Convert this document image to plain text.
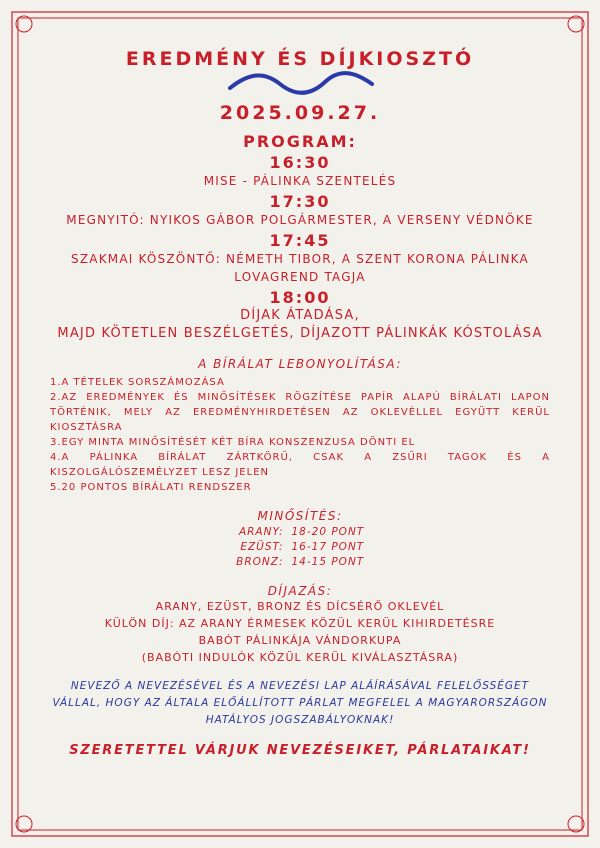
EREDMÉNY ÉS DÍJKIOSZTÓ
2025.09.27.
PROGRAM:
16:30
MISE - PÁLINKA SZENTELÉS
17:30
MEGNYITÓ: NYIKOS GÁBOR POLGÁRMESTER, A VERSENY VÉDNÖKE
17:45
SZAKMAI KÖSZÖNTŐ: NÉMETH TIBOR, A SZENT KORONA PÁLINKA
LOVAGREND TAGJA
18:00
DÍJAK ÁTADÁSA,
MAJD KÖTETLEN BESZÉLGETÉS, DÍJAZOTT PÁLINKÁK KÓSTOLÁSA
A BÍRÁLAT LEBONYOLÍTÁSA:
1.A TÉTELEK SORSZÁMOZÁSA
2.AZ EREDMÉNYEK ÉS MINŐSÍTÉSEK RÖGZÍTÉSE PAPÍR ALAPÚ BÍRÁLATI LAPON TÖRTÉNIK, MELY AZ EREDMÉNYHIRDETÉSEN AZ OKLEVÉLLEL EGYÜTT KERÜL KIOSZTÁSRA
3.EGY MINTA MINŐSÍTÉSÉT KÉT BÍRA KONSZENZUSA DÖNTI EL
4.A PÁLINKA BÍRÁLAT ZÁRTKÖRŰ, CSAK A ZSŰRI TAGOK ÉS A KISZOLGÁLÓSZEMÉLYZET LESZ JELEN
5.20 PONTOS BÍRÁLATI RENDSZER
MINŐSÍTÉS:
ARANY: 18-20 PONT
EZÜST: 16-17 PONT
BRONZ: 14-15 PONT
DÍJAZÁS:
ARANY, EZÜST, BRONZ ÉS DÍCSÉRŐ OKLEVÉL
KÜLÖN DÍJ: AZ ARANY ÉRMESEK KÖZÜL KERÜL KIHIRDETÉSRE
BABÓT PÁLINKÁJA VÁNDORKUPA
(BABÓTI INDULÓK KÖZÜL KERÜL KIVÁLASZTÁSRA)
NEVEZŐ A NEVEZÉSÉVEL ÉS A NEVEZÉSI LAP ALÁÍRÁSÁVAL FELELŐSSÉGET VÁLLAL, HOGY AZ ÁLTALA ELŐÁLLÍTOTT PÁRLAT MEGFELEL A MAGYARORSZÁGON HATÁLYOS JOGSZABÁLYOKNAK!
SZERETETTEL VÁRJUK NEVEZÉSEIKET, PÁRLATAIKAT!
